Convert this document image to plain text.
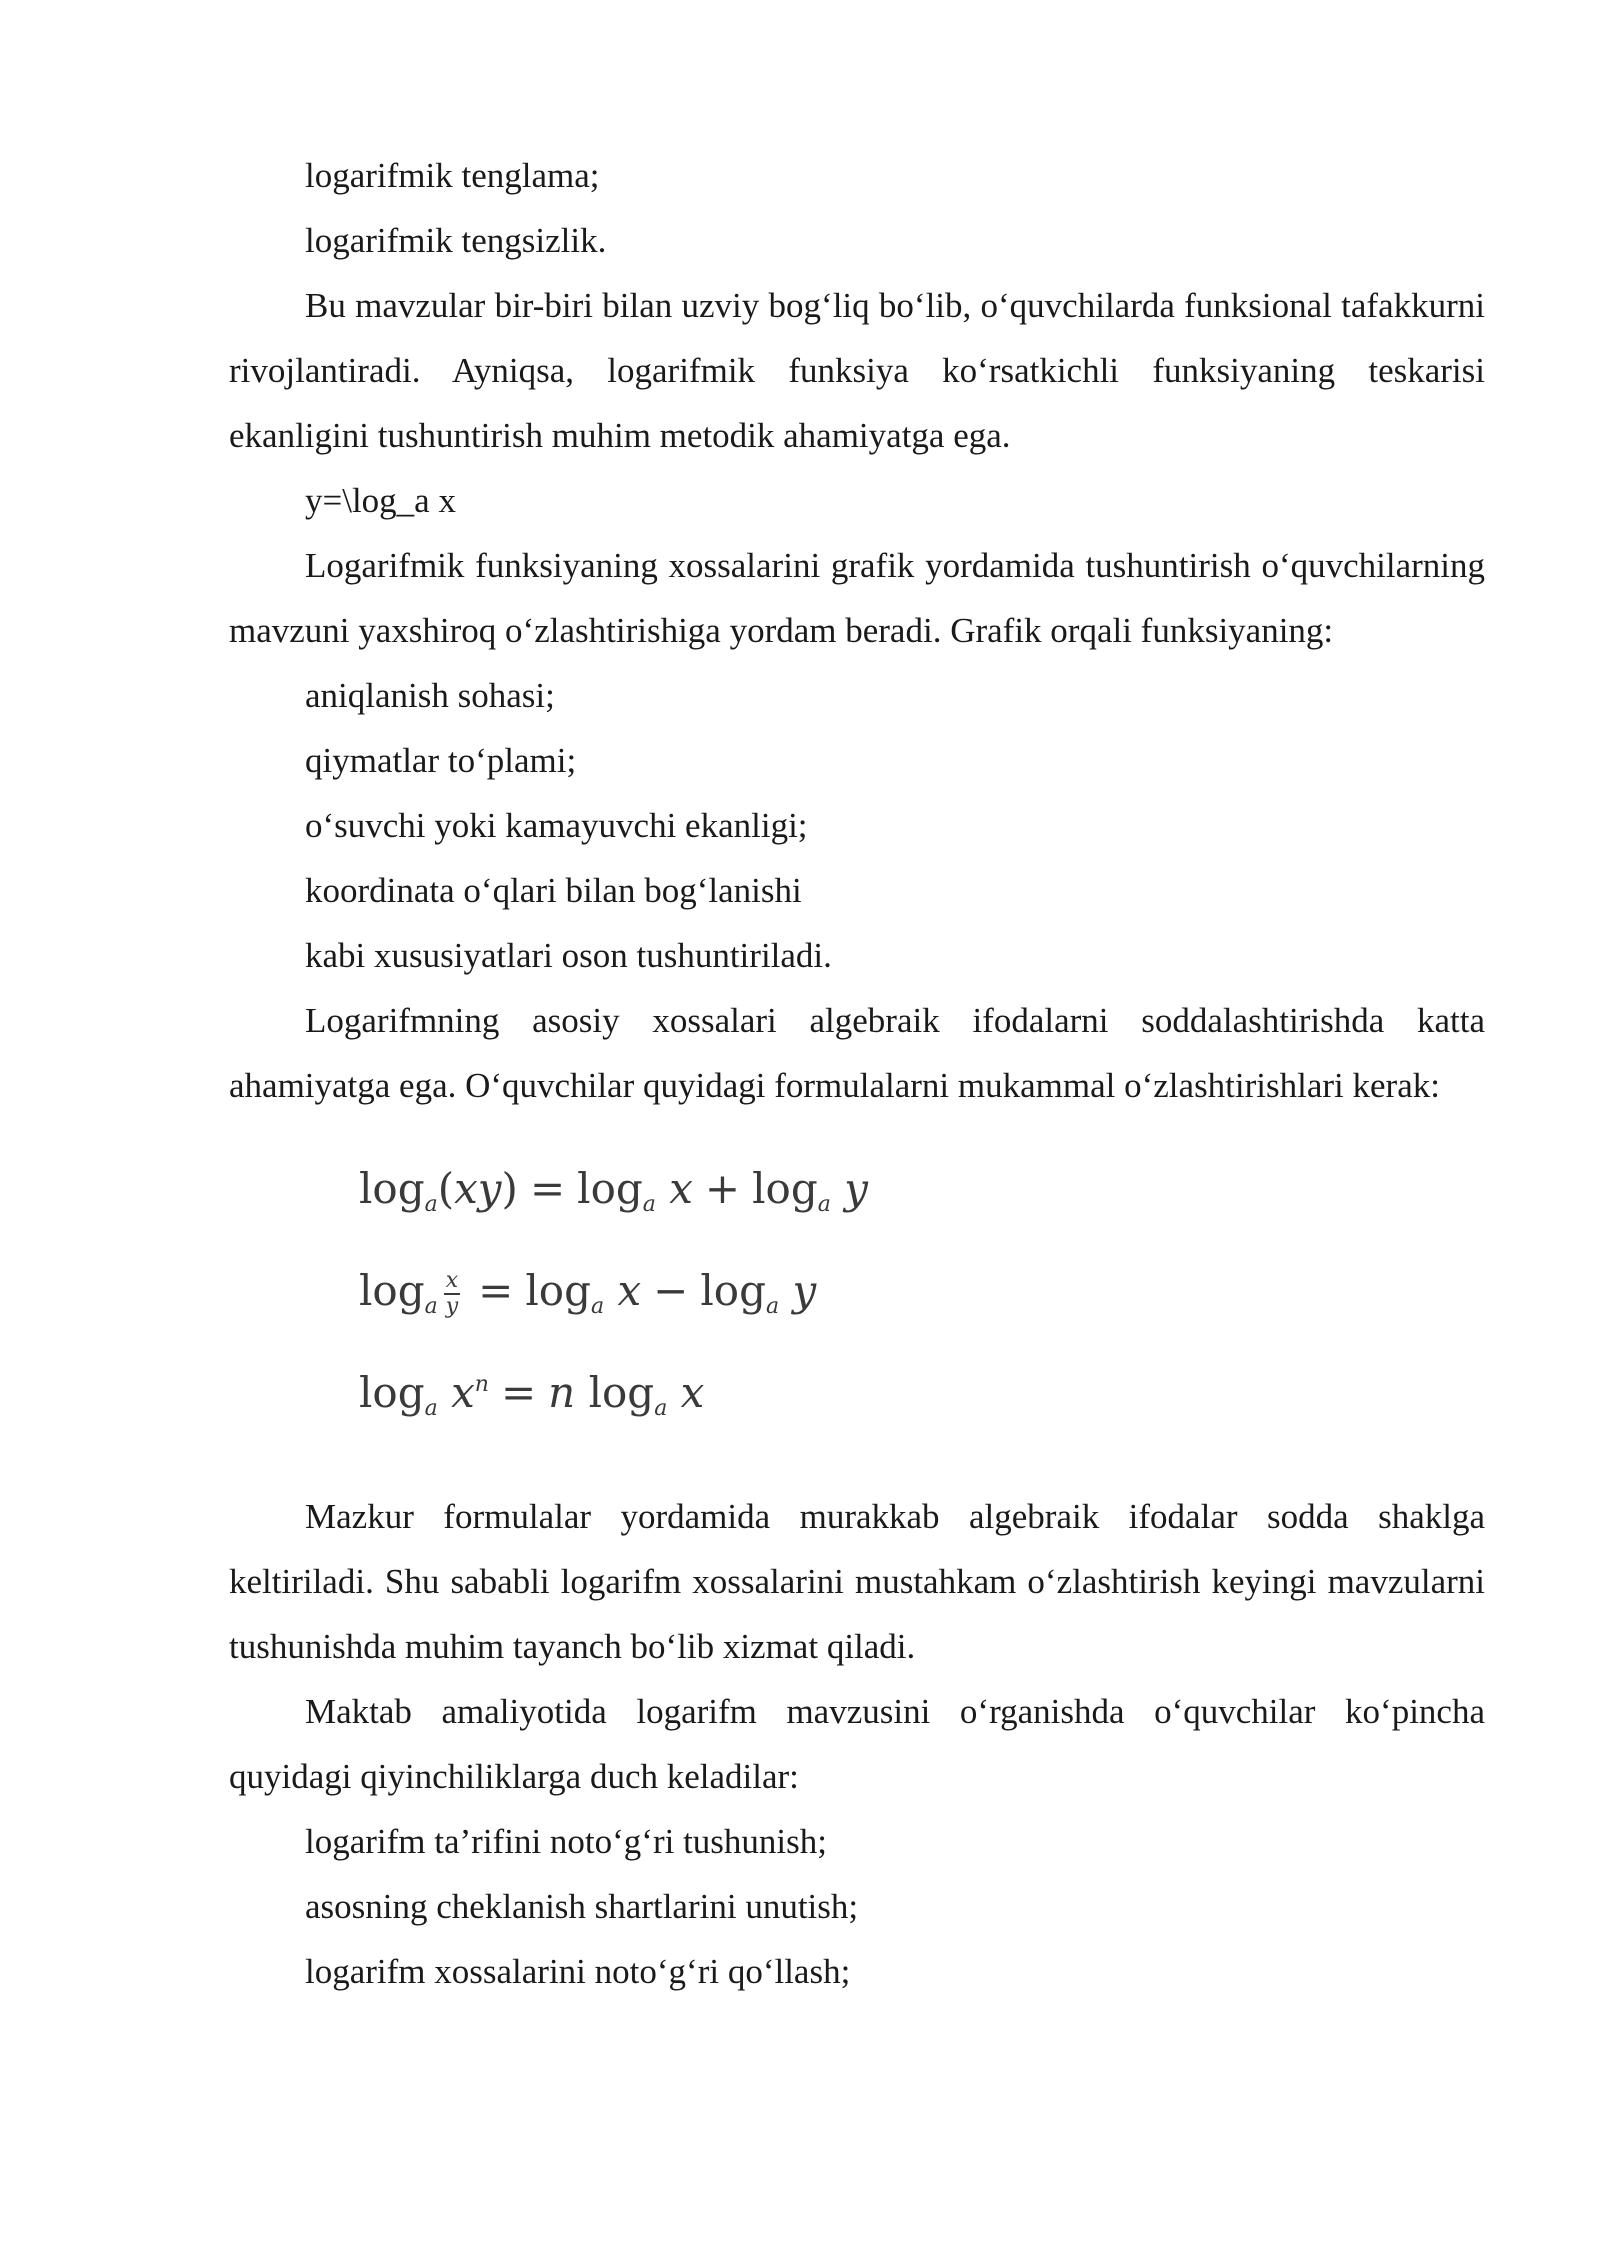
logarifmik tenglama;

logarifmik tengsizlik.

Bu mavzular bir-biri bilan uzviy bog‘liq bo‘lib, o‘quvchilarda funksional tafakkurni rivojlantiradi. Ayniqsa, logarifmik funksiya ko‘rsatkichli funksiyaning teskarisi ekanligini tushuntirish muhim metodik ahamiyatga ega.

y=\log_a x

Logarifmik funksiyaning xossalarini grafik yordamida tushuntirish o‘quvchilarning mavzuni yaxshiroq o‘zlashtirishiga yordam beradi. Grafik orqali funksiyaning:

aniqlanish sohasi;

qiymatlar to‘plami;

o‘suvchi yoki kamayuvchi ekanligi;

koordinata o‘qlari bilan bog‘lanishi

kabi xususiyatlari oson tushuntiriladi.

Logarifmning asosiy xossalari algebraik ifodalarni soddalashtirishda katta ahamiyatga ega. O‘quvchilar quyidagi formulalarni mukammal o‘zlashtirishlari kerak:

$\log_a(xy) = \log_a x + \log_a y$
$\log_a \frac{x}{y} = \log_a x - \log_a y$
$\log_a x^n = n$ $\log_a x$

Mazkur formulalar yordamida murakkab algebraik ifodalar sodda shaklga keltiriladi. Shu sababli logarifm xossalarini mustahkam o‘zlashtirish keyingi mavzularni tushunishda muhim tayanch bo‘lib xizmat qiladi.

Maktab amaliyotida logarifm mavzusini o‘rganishda o‘quvchilar ko‘pincha quyidagi qiyinchiliklarga duch keladilar:

logarifm ta’rifini noto‘g‘ri tushunish;

asosning cheklanish shartlarini unutish;

logarifm xossalarini noto‘g‘ri qo‘llash;
